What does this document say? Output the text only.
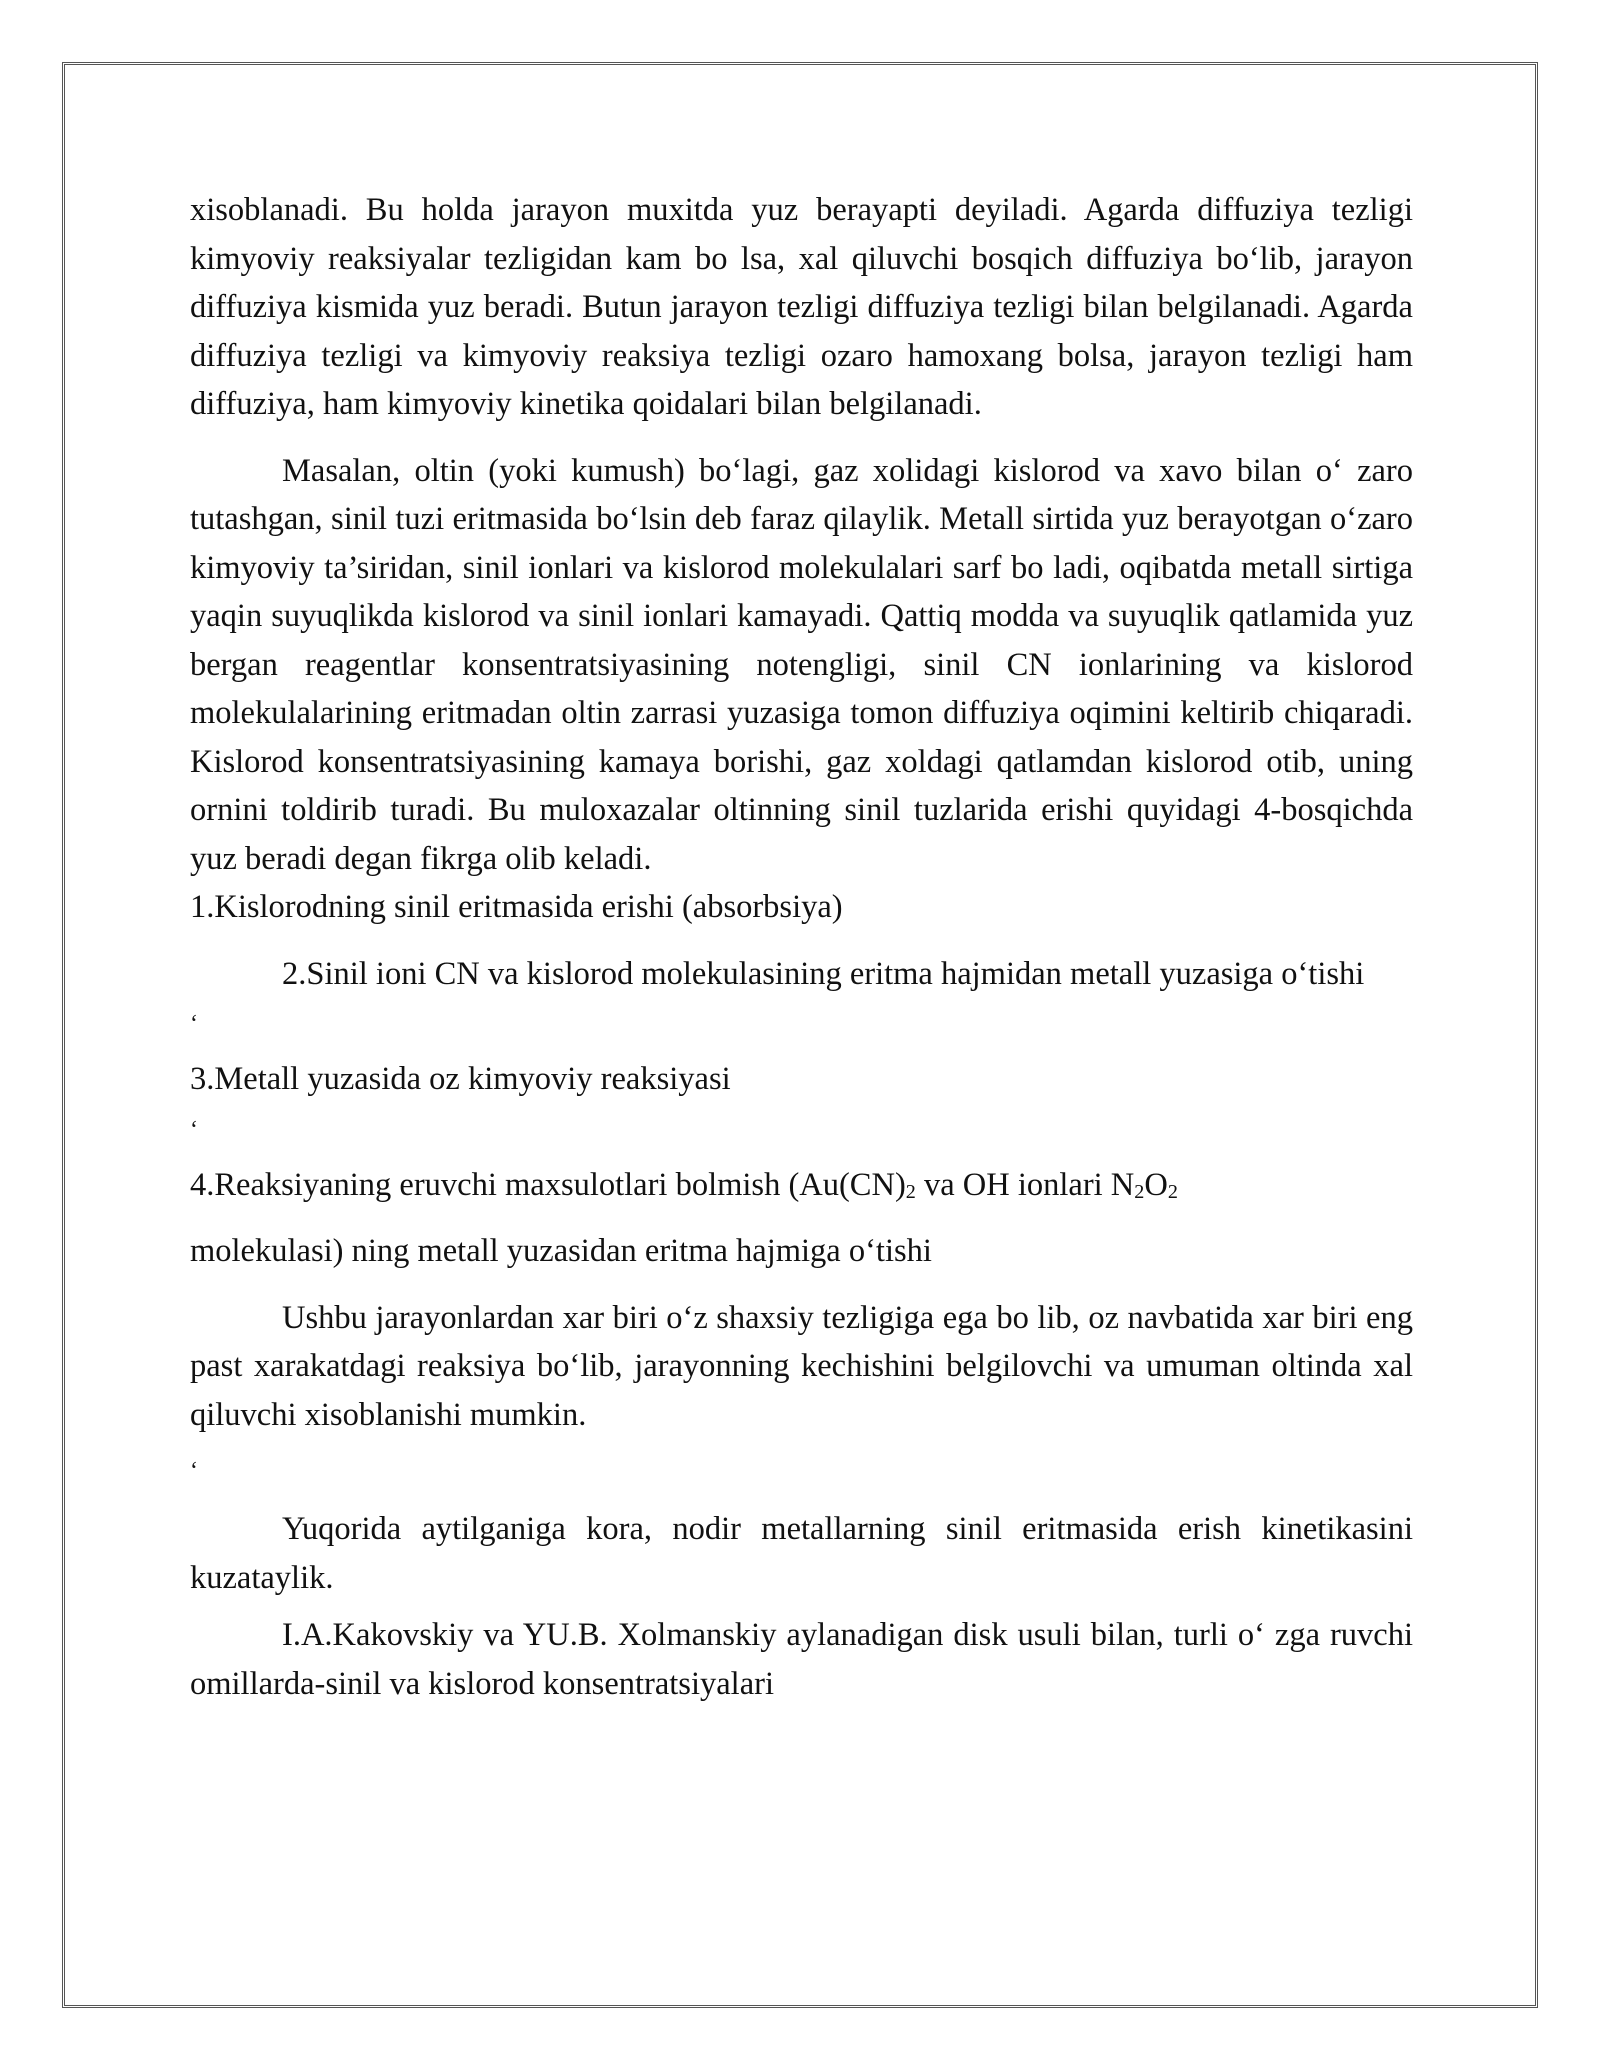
xisoblanadi. Bu holda jarayon muxitda yuz berayapti deyiladi. Agarda diffuziya tezligi kimyoviy reaksiyalar tezligidan kam bo lsa, xal qiluvchi bosqich diffuziya bo‘lib, jarayon diffuziya kismida yuz beradi. Butun jarayon tezligi diffuziya tezligi bilan belgilanadi. Agarda diffuziya tezligi va kimyoviy reaksiya tezligi ozaro hamoxang bolsa, jarayon tezligi ham diffuziya, ham kimyoviy kinetika qoidalari bilan belgilanadi.

Masalan, oltin (yoki kumush) bo‘lagi, gaz xolidagi kislorod va xavo bilan o‘ zaro tutashgan, sinil tuzi eritmasida bo‘lsin deb faraz qilaylik. Metall sirtida yuz berayotgan o‘zaro kimyoviy ta’siridan, sinil ionlari va kislorod molekulalari sarf bo ladi, oqibatda metall sirtiga yaqin suyuqlikda kislorod va sinil ionlari kamayadi. Qattiq modda va suyuqlik qatlamida yuz bergan reagentlar konsentratsiyasining notengligi, sinil CN ionlarining va kislorod molekulalarining eritmadan oltin zarrasi yuzasiga tomon diffuziya oqimini keltirib chiqaradi. Kislorod konsentratsiyasining kamaya borishi, gaz xoldagi qatlamdan kislorod otib, uning ornini toldirib turadi. Bu muloxazalar oltinning sinil tuzlarida erishi quyidagi 4-bosqichda yuz beradi degan fikrga olib keladi.

1.Kislorodning sinil eritmasida erishi (absorbsiya)

2.Sinil ioni CN va kislorod molekulasining eritma hajmidan metall yuzasiga o‘tishi

‘

3.Metall yuzasida oz kimyoviy reaksiyasi

‘

4.Reaksiyaning eruvchi maxsulotlari bolmish ($Au(CN)_2$ va OH ionlari $N_2O_2$

molekulasi) ning metall yuzasidan eritma hajmiga o‘tishi

Ushbu jarayonlardan xar biri o‘z shaxsiy tezligiga ega bo lib, oz navbatida xar biri eng past xarakatdagi reaksiya bo‘lib, jarayonning kechishini belgilovchi va umuman oltinda xal qiluvchi xisoblanishi mumkin.

‘

Yuqorida aytilganiga kora, nodir metallarning sinil eritmasida erish kinetikasini kuzataylik.

I.A.Kakovskiy va YU.B. Xolmanskiy aylanadigan disk usuli bilan, turli o‘ zga ruvchi omillarda-sinil va kislorod konsentratsiyalari
